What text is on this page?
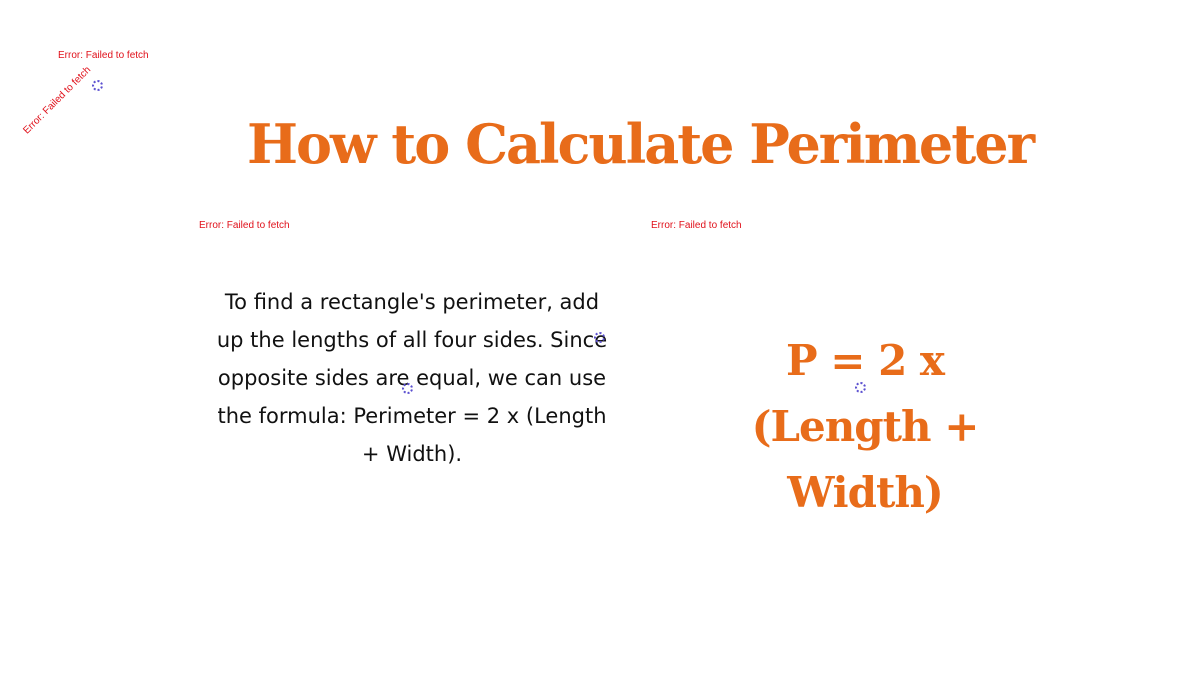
Error: Failed to fetch
Error: Failed to fetch
How to Calculate Perimeter
Error: Failed to fetch	Error: Failed to fetch
To find a rectangle's perimeter, add up the lengths of all four sides. Since opposite sides are equal, we can use the formula: Perimeter = 2 x (Length + Width).
P = 2 x (Length + Width)
